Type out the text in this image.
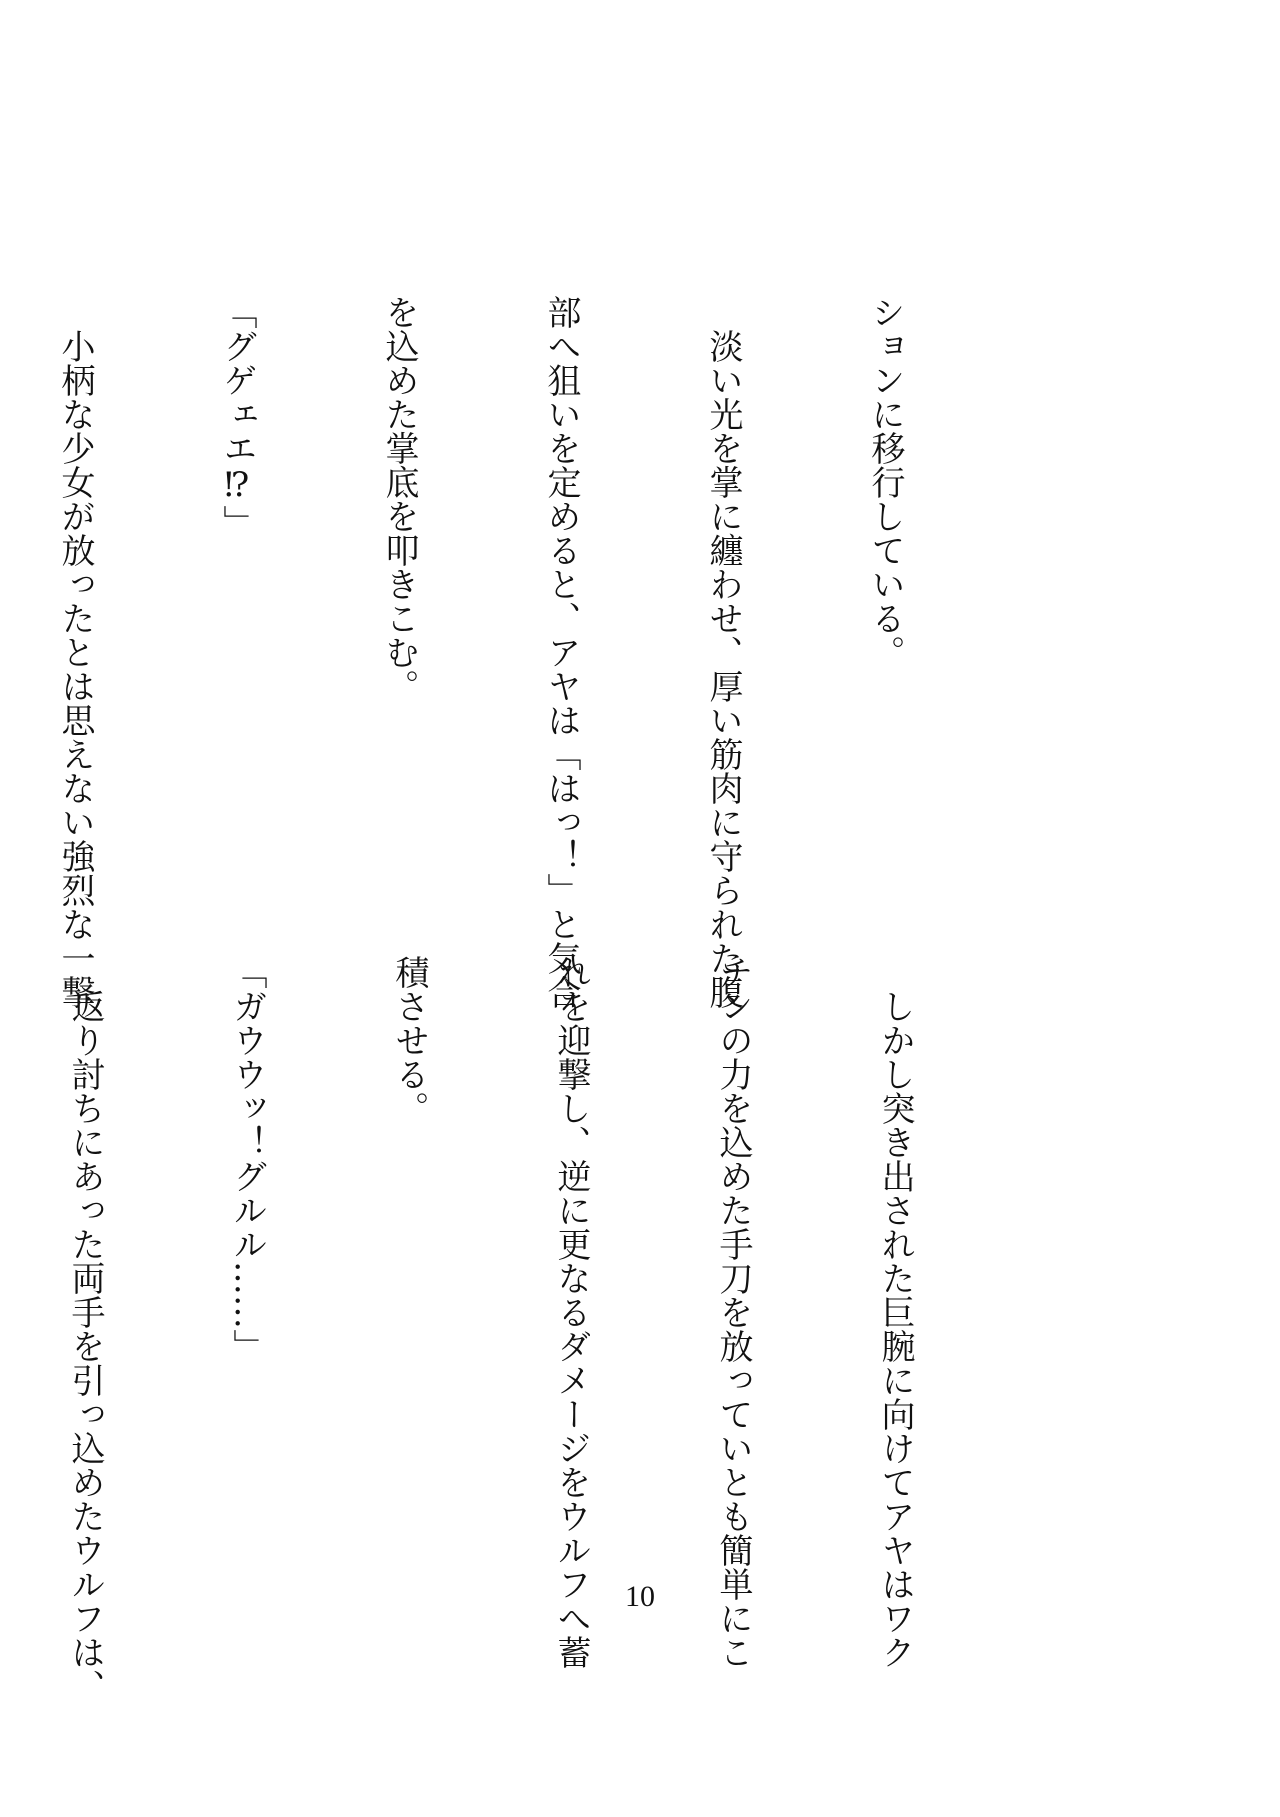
ションに移行している。

　淡い光を掌に纏わせ、厚い筋肉に守られた腹

部へ狙いを定めると、アヤは「はっ！」と気合

を込めた掌底を叩きこむ。

「グゲェエ⁉」

　小柄な少女が放ったとは思えない強烈な一撃

　しかし突き出された巨腕に向けてアヤはワク

チンの力を込めた手刀を放っていとも簡単にこ

れを迎撃し、逆に更なるダメージをウルフへ蓄

積させる。

「ガウウッ！グルル……」

　返り討ちにあった両手を引っ込めたウルフは、

	10
